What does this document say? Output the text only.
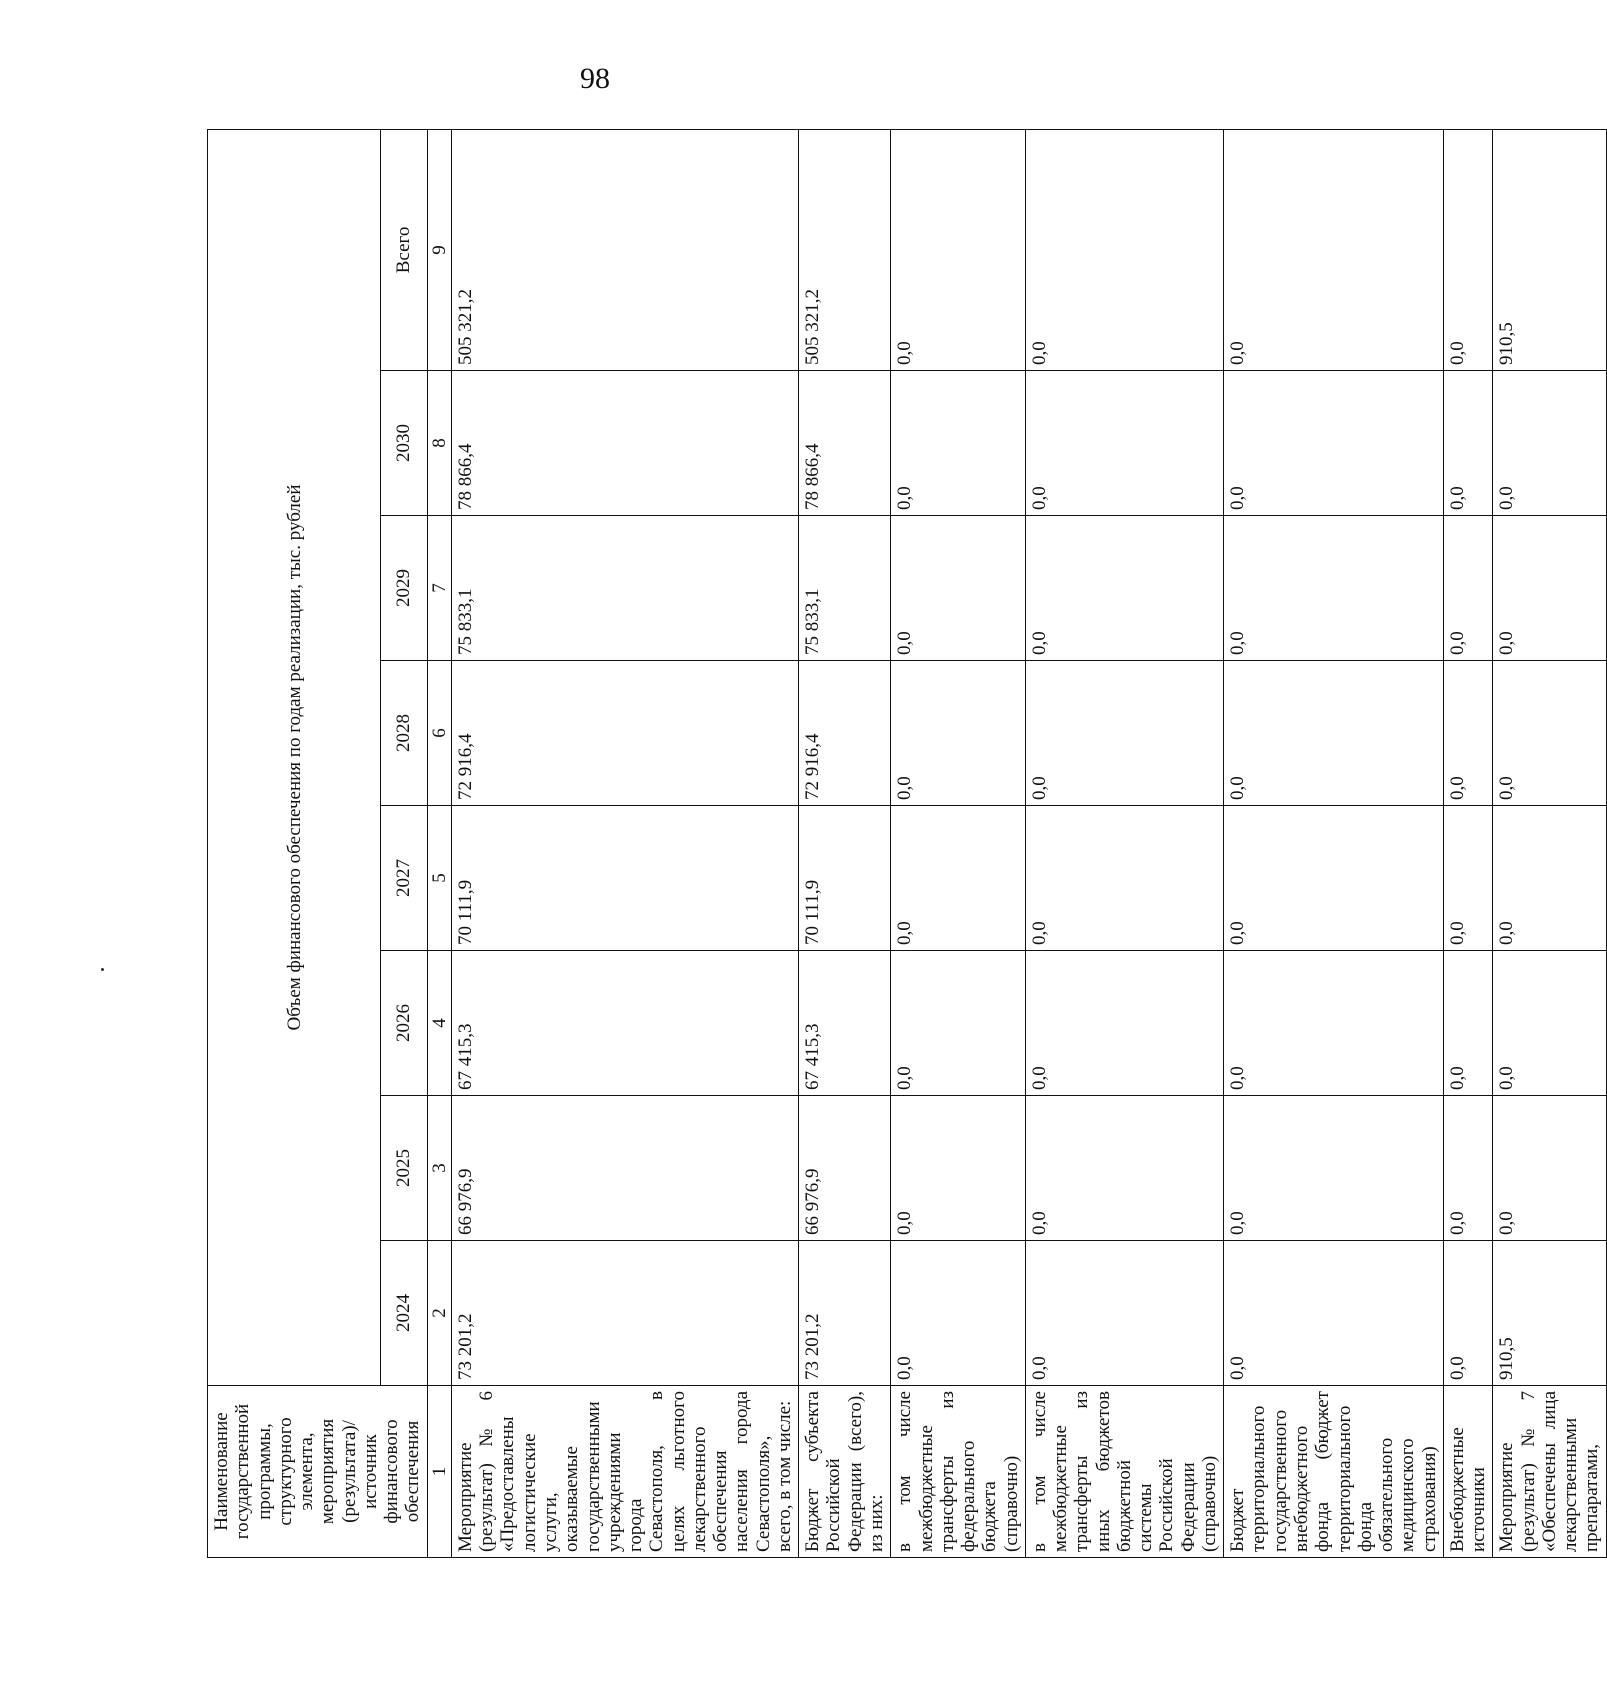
98
Наименование государственной программы, структурного элемента, мероприятия (результата)/источник финансового обеспечения	Объем финансового обеспечения по годам реализации, тыс. рублей							
	2024	2025	2026	2027	2028	2029	2030	Всего
1	2	3	4	5	6	7	8	9
Мероприятие (результат) № 6 «Предоставлены логистические услуги, оказываемые государственными учреждениями города Севастополя, в целях льготного лекарственного обеспечения населения города Севастополя», всего, в том числе:	73 201,2	66 976,9	67 415,3	70 111,9	72 916,4	75 833,1	78 866,4	505 321,2
Бюджет субъекта Российской Федерации (всего), из них:	73 201,2	66 976,9	67 415,3	70 111,9	72 916,4	75 833,1	78 866,4	505 321,2
в том числе межбюджетные трансферты из федерального бюджета (справочно)	0,0	0,0	0,0	0,0	0,0	0,0	0,0	0,0
в том числе межбюджетные трансферты из иных бюджетов бюджетной системы Российской Федерации (справочно)	0,0	0,0	0,0	0,0	0,0	0,0	0,0	0,0
Бюджет территориального государственного внебюджетного фонда (бюджет территориального фонда обязательного медицинского страхования)	0,0	0,0	0,0	0,0	0,0	0,0	0,0	0,0
Внебюджетные источники	0,0	0,0	0,0	0,0	0,0	0,0	0,0	0,0
Мероприятие (результат) № 7 «Обеспечены лица лекарственными препаратами,	910,5	0,0	0,0	0,0	0,0	0,0	0,0	910,5
